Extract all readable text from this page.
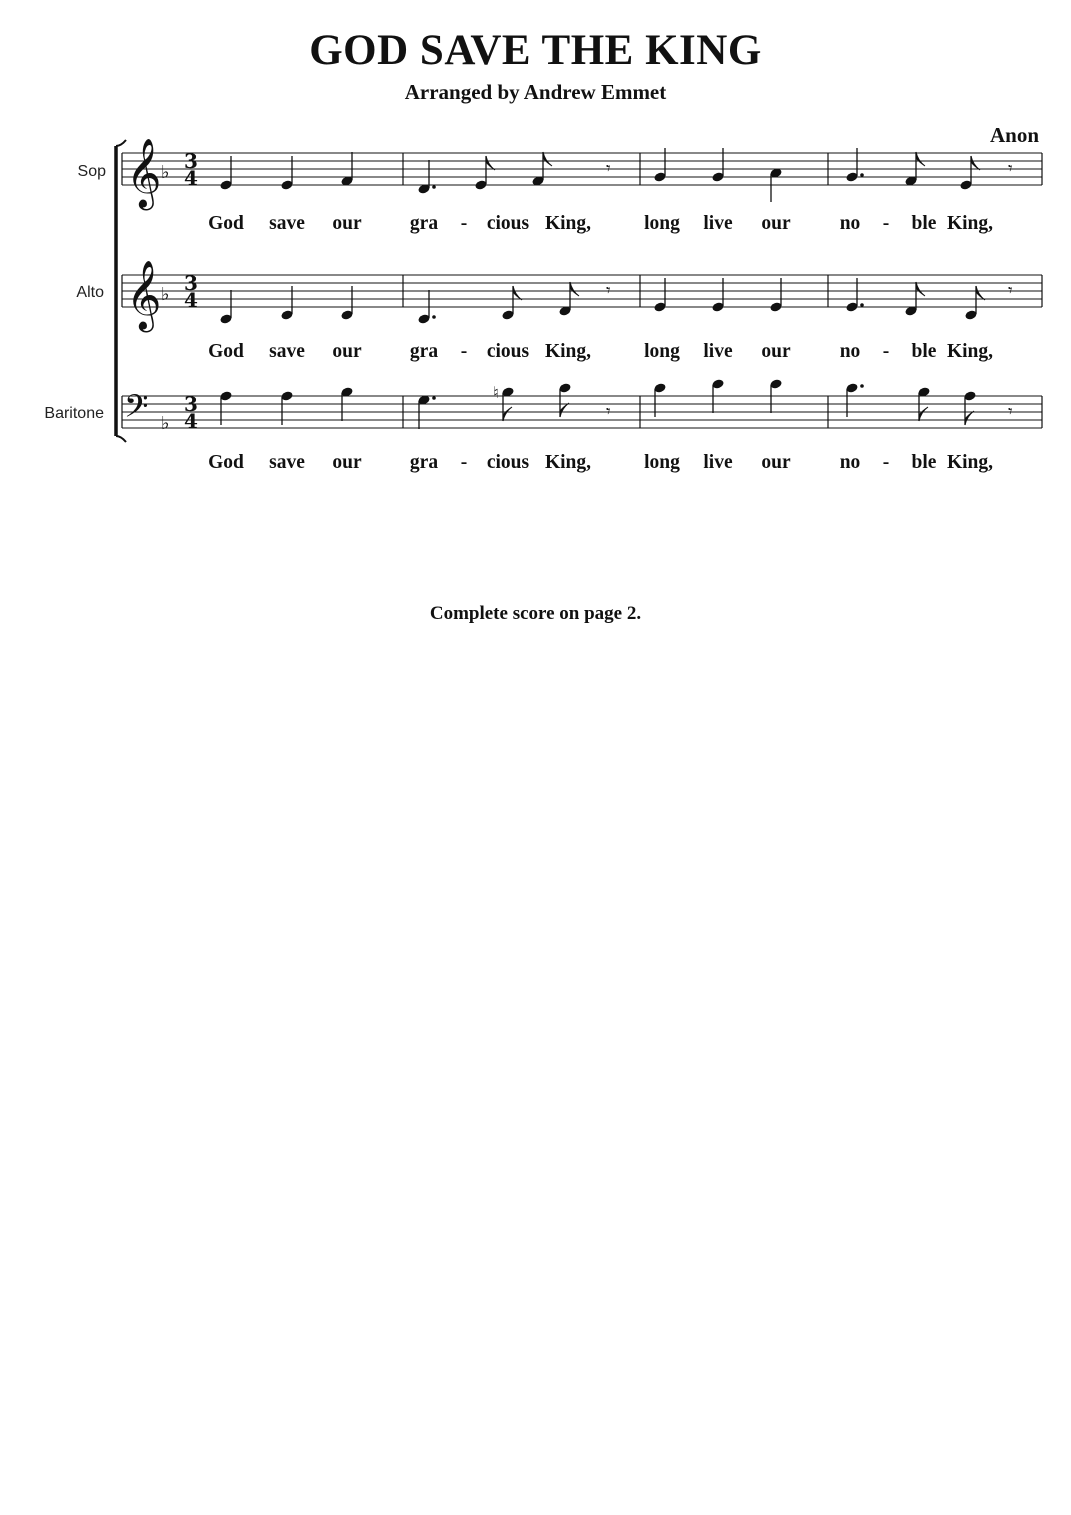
GOD SAVE THE KING
Arranged by Andrew Emmet
Anon
Sop 𝄞 ♭ 3
4	𝄾	𝄾
God save our gra - cious King,	long live our	no - ble King,
Alto 𝄞 ♭ 3
4	𝄾	𝄾
God save our gra - cious King,	long live our	no - ble King,
Baritone 𝄢 ♭
3
4
♮
𝄾	𝄾
God save our gra - cious King,	long live our	no - ble King,
Complete score on page 2.
